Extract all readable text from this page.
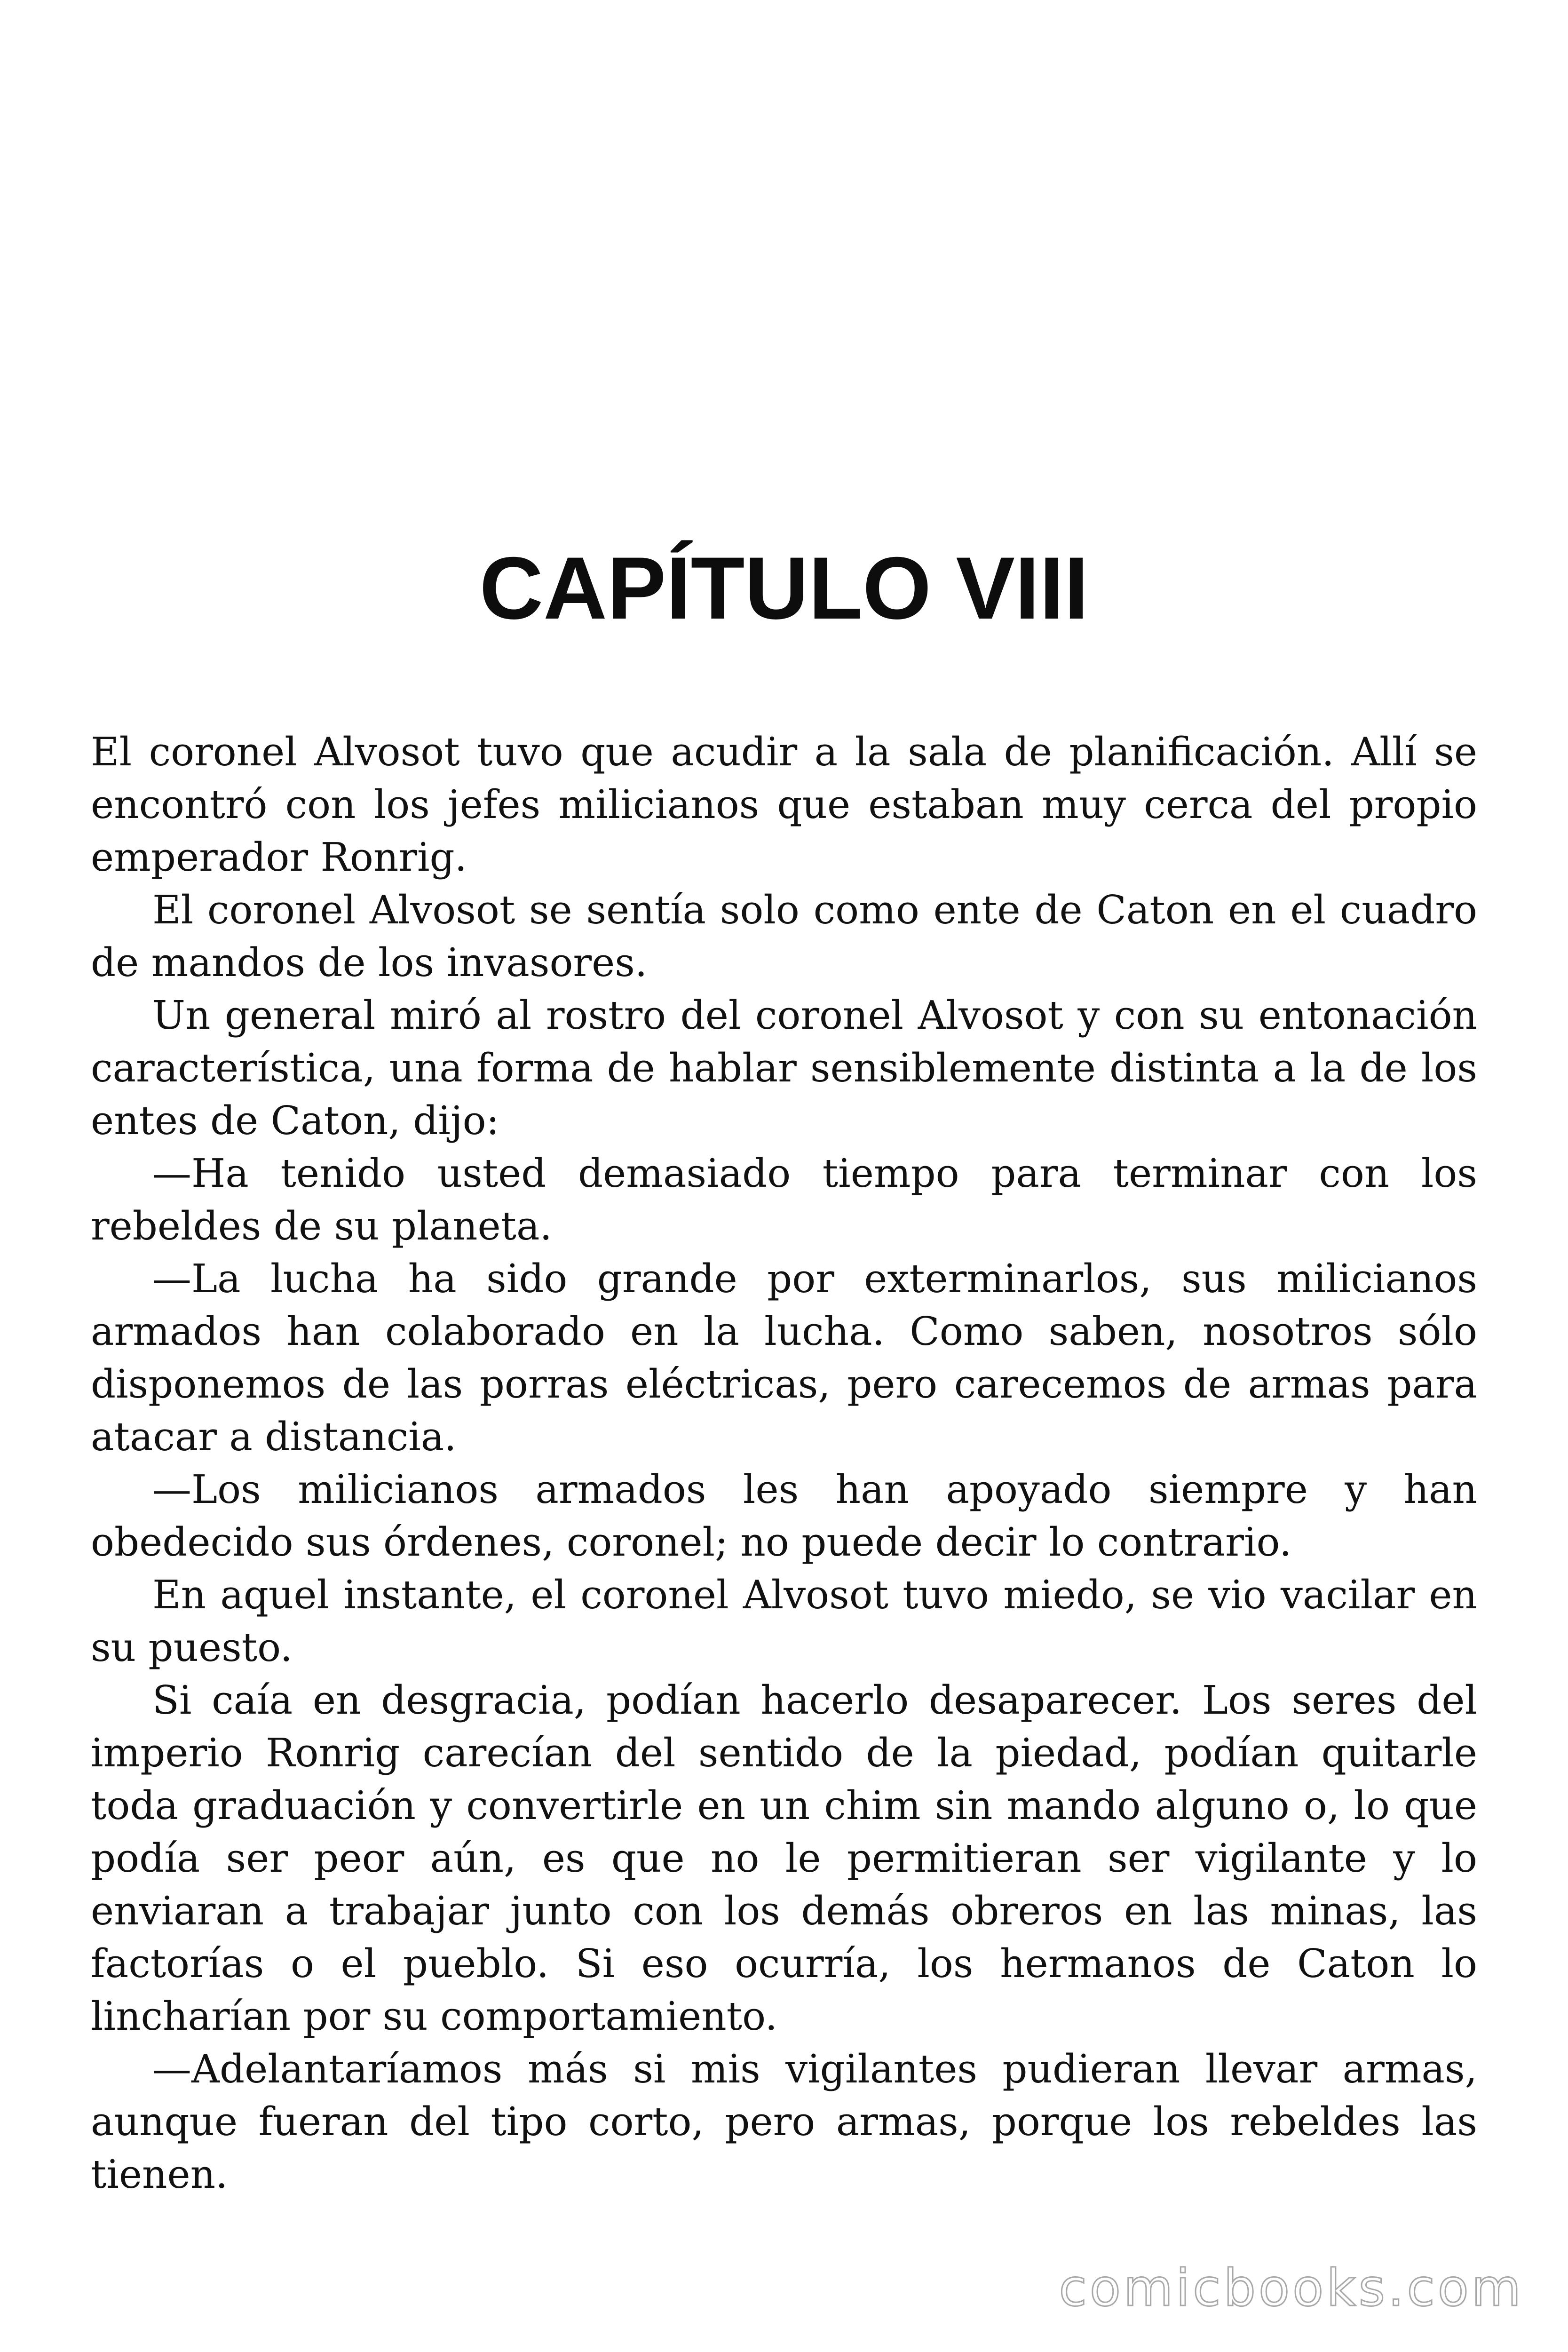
CAPÍTULO VIII

El coronel Alvosot tuvo que acudir a la sala de planificación. Allí se encontró con los jefes milicianos que estaban muy cerca del propio emperador Ronrig.

El coronel Alvosot se sentía solo como ente de Caton en el cuadro de mandos de los invasores.

Un general miró al rostro del coronel Alvosot y con su entonación característica, una forma de hablar sensiblemente distinta a la de los entes de Caton, dijo:

—Ha tenido usted demasiado tiempo para terminar con los rebeldes de su planeta.

—La lucha ha sido grande por exterminarlos, sus milicianos armados han colaborado en la lucha. Como saben, nosotros sólo disponemos de las porras eléctricas, pero carecemos de armas para atacar a distancia.

—Los milicianos armados les han apoyado siempre y han obedecido sus órdenes, coronel; no puede decir lo contrario.

En aquel instante, el coronel Alvosot tuvo miedo, se vio vacilar en su puesto.

Si caía en desgracia, podían hacerlo desaparecer. Los seres del imperio Ronrig carecían del sentido de la piedad, podían quitarle toda graduación y convertirle en un chim sin mando alguno o, lo que podía ser peor aún, es que no le permitieran ser vigilante y lo enviaran a trabajar junto con los demás obreros en las minas, las factorías o el pueblo. Si eso ocurría, los hermanos de Caton lo lincharían por su comportamiento.

—Adelantaríamos más si mis vigilantes pudieran llevar armas, aunque fueran del tipo corto, pero armas, porque los rebeldes las tienen.

comicbooks.com
